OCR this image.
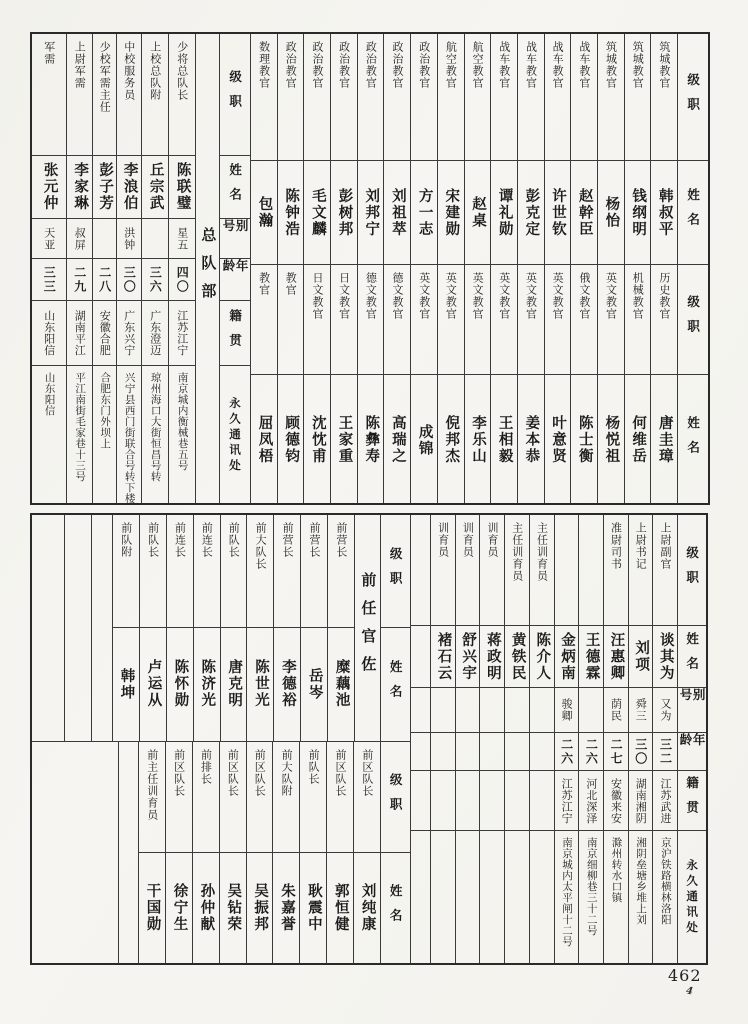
军需
张元仲
天亚
三三
山东阳信
山东阳信
上尉军需
李家琳
叔屏
二九
湖南平江
平江南街毛家巷十三号
少校军需主任
彭子芳
二八
安徽合肥
合肥东门外坝上
中校服务员
李浪伯
洪钟
三〇
广东兴宁
兴宁县西门街联合号转下楼
上校总队附
丘宗武
三六
广东澄迈
琼州海口大街恒昌号转
少将总队长
陈联璧
星五
四〇
江苏江宁
南京城内衡械巷五号
总队部
级职
姓名
别号
年龄
籍贯
永久通讯处
数理教官
包瀚
教官
屈凤梧
政治教官
陈钟浩
教官
顾德钧
政治教官
毛文麟
日文教官
沈忱甫
政治教官
彭树邦
日文教官
王家重
政治教官
刘邦宁
德文教官
陈彝寿
政治教官
刘祖萃
德文教官
高瑞之
政治教官
方一志
英文教官
成锦
航空教官
宋建勋
英文教官
倪邦杰
航空教官
赵桌
英文教官
李乐山
战车教官
谭礼勋
英文教官
王相毅
战车教官
彭克定
英文教官
姜本恭
战车教官
许世钦
英文教官
叶意贤
战车教官
赵幹臣
俄文教官
陈士衡
筑城教官
杨怡
英文教官
杨悦祖
筑城教官
钱纲明
机械教官
何维岳
筑城教官
韩叔平
历史教官
唐圭璋
级职
姓名
级职
姓名
前队附
韩坤
前队长
卢运从
前连长
陈怀勋
前连长
陈济光
前队长
唐克明
前大队长
陈世光
前营长
李德裕
前营长
岳岑
前营长
糜藕池
前任官佐
级职
姓名
前主任训育员
干国勋
前区队长
徐宁生
前排长
孙仲献
前区队长
吴钻荣
前区队长
吴振邦
前大队附
朱嘉誉
前队长
耿震中
前区队长
郭恒健
前区队长
刘纯康
级职
姓名
训育员
褚石云
训育员
舒兴宇
训育员
蒋政明
主任训育员
黄铁民
主任训育员
陈介人 金炳南
骏卿
二六
江苏江宁
南京城内太平闸十二号
王德霖
二六
河北深泽
南京细柳巷三十二号
准尉司书
汪惠卿
荫民
二七
安徽来安
滁州转水口镇
上尉书记
刘项
舜三
三〇
湖南湘阴
湘阴垒塘乡堆上刘
上尉副官
谈其为
又为
三二
江苏武进
京沪铁路横林洛阳
级职
姓名
别号
年龄
籍贯
永久通讯处
462
4
